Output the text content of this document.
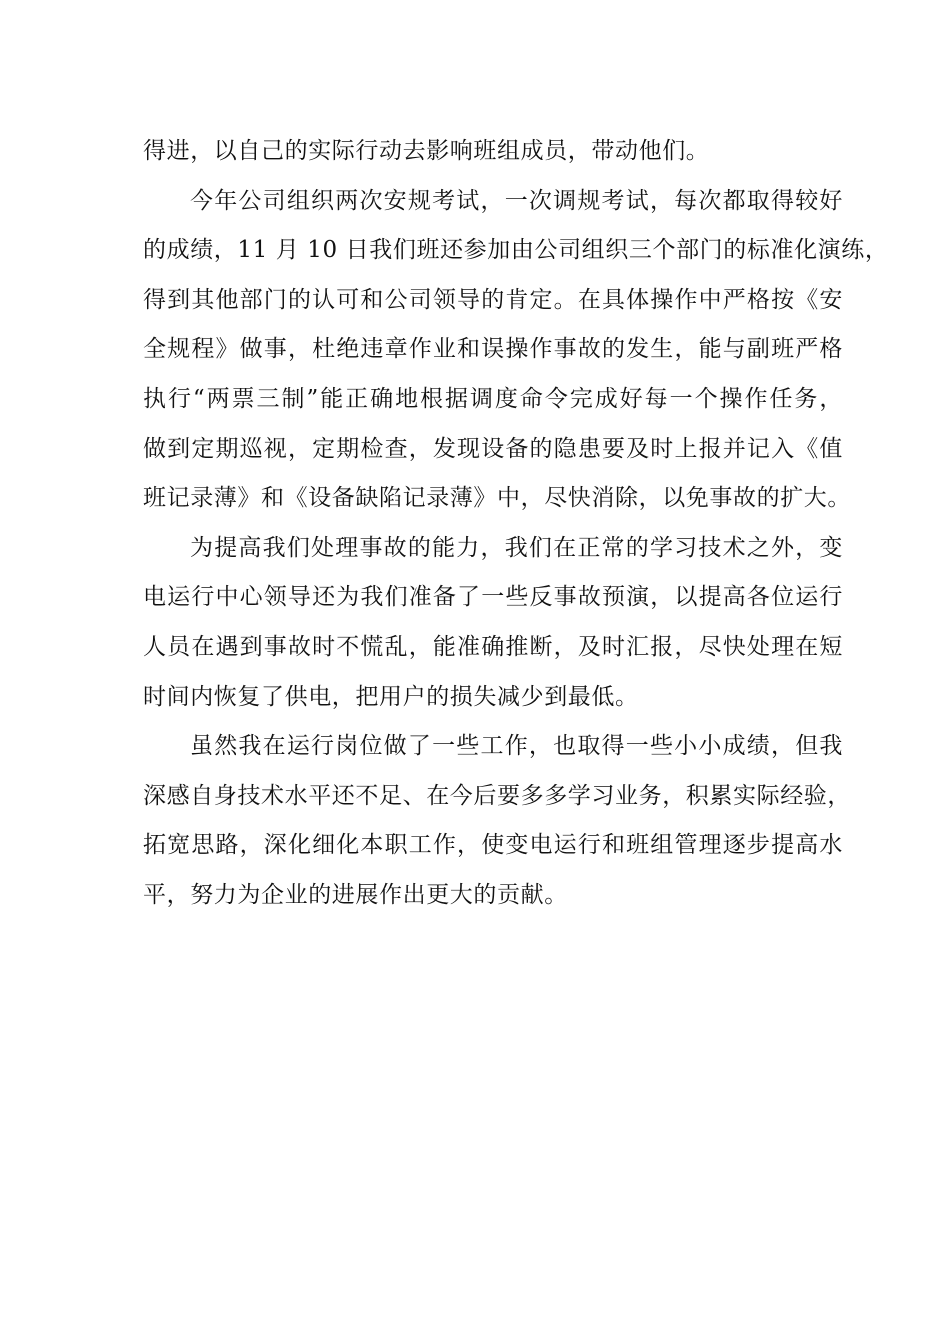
得进，以自己的实际行动去影响班组成员，带动他们。
今年公司组织两次安规考试，一次调规考试，每次都取得较好
的成绩，11 月 10 日我们班还参加由公司组织三个部门的标准化演练，
得到其他部门的认可和公司领导的肯定。在具体操作中严格按《安
全规程》做事，杜绝违章作业和误操作事故的发生，能与副班严格
执行“两票三制”能正确地根据调度命令完成好每一个操作任务，
做到定期巡视，定期检查，发现设备的隐患要及时上报并记入《值
班记录薄》和《设备缺陷记录薄》中，尽快消除，以免事故的扩大。
为提高我们处理事故的能力，我们在正常的学习技术之外，变
电运行中心领导还为我们准备了一些反事故预演，以提高各位运行
人员在遇到事故时不慌乱，能准确推断，及时汇报，尽快处理在短
时间内恢复了供电，把用户的损失减少到最低。
虽然我在运行岗位做了一些工作，也取得一些小小成绩，但我
深感自身技术水平还不足、在今后要多多学习业务，积累实际经验，
拓宽思路，深化细化本职工作，使变电运行和班组管理逐步提高水
平，努力为企业的进展作出更大的贡献。
